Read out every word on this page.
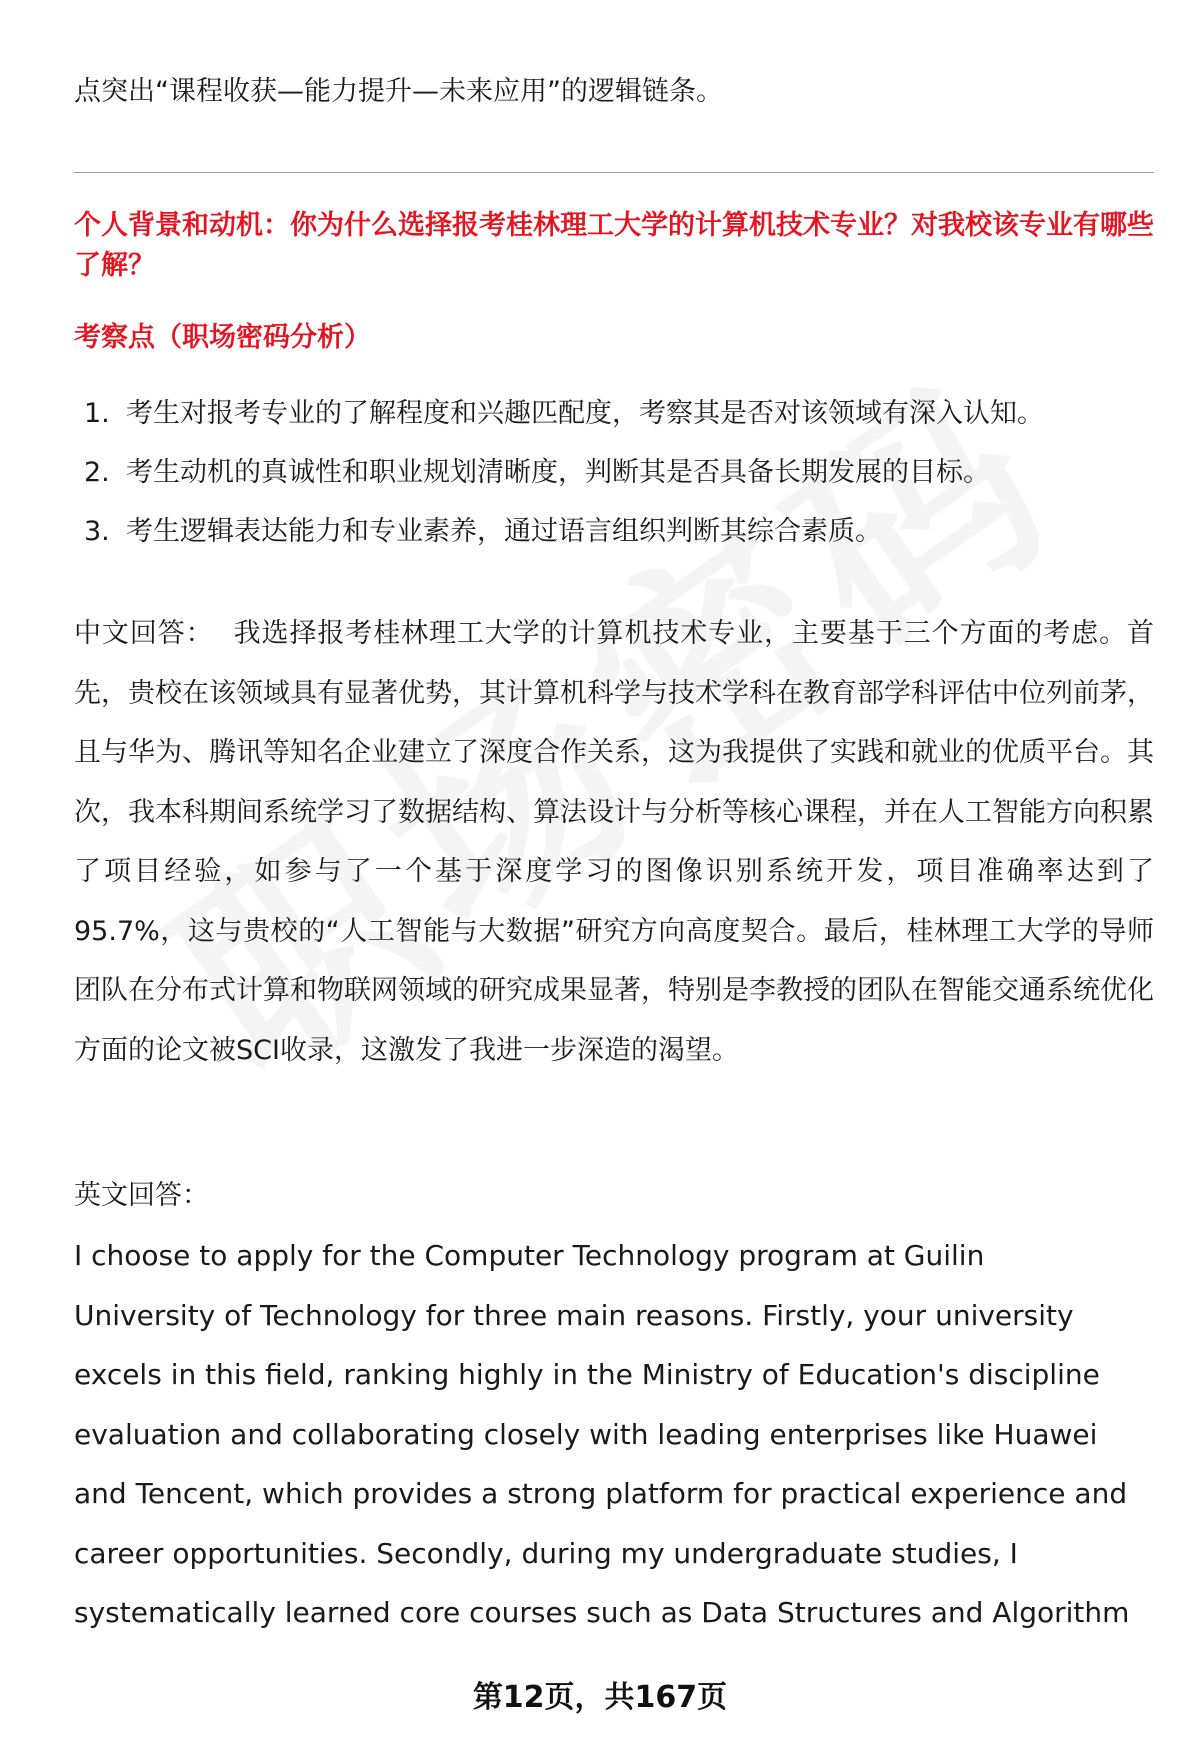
点突出“课程收获—能力提升—未来应用”的逻辑链条。

个人背景和动机：你为什么选择报考桂林理工大学的计算机技术专业？对我校该专业有哪些了解？

考察点（职场密码分析）

1. 考生对报考专业的了解程度和兴趣匹配度，考察其是否对该领域有深入认知。
2. 考生动机的真诚性和职业规划清晰度，判断其是否具备长期发展的目标。
3. 考生逻辑表达能力和专业素养，通过语言组织判断其综合素质。

中文回答： 我选择报考桂林理工大学的计算机技术专业，主要基于三个方面的考虑。首先，贵校在该领域具有显著优势，其计算机科学与技术学科在教育部学科评估中位列前茅，且与华为、腾讯等知名企业建立了深度合作关系，这为我提供了实践和就业的优质平台。其次，我本科期间系统学习了数据结构、算法设计与分析等核心课程，并在人工智能方向积累了项目经验，如参与了一个基于深度学习的图像识别系统开发，项目准确率达到了95.7%，这与贵校的“人工智能与大数据”研究方向高度契合。最后，桂林理工大学的导师团队在分布式计算和物联网领域的研究成果显著，特别是李教授的团队在智能交通系统优化方面的论文被SCI收录，这激发了我进一步深造的渴望。

英文回答：

I choose to apply for the Computer Technology program at Guilin
University of Technology for three main reasons. Firstly, your university
excels in this field, ranking highly in the Ministry of Education's discipline
evaluation and collaborating closely with leading enterprises like Huawei
and Tencent, which provides a strong platform for practical experience and
career opportunities. Secondly, during my undergraduate studies, I
systematically learned core courses such as Data Structures and Algorithm
第12页，共167页
